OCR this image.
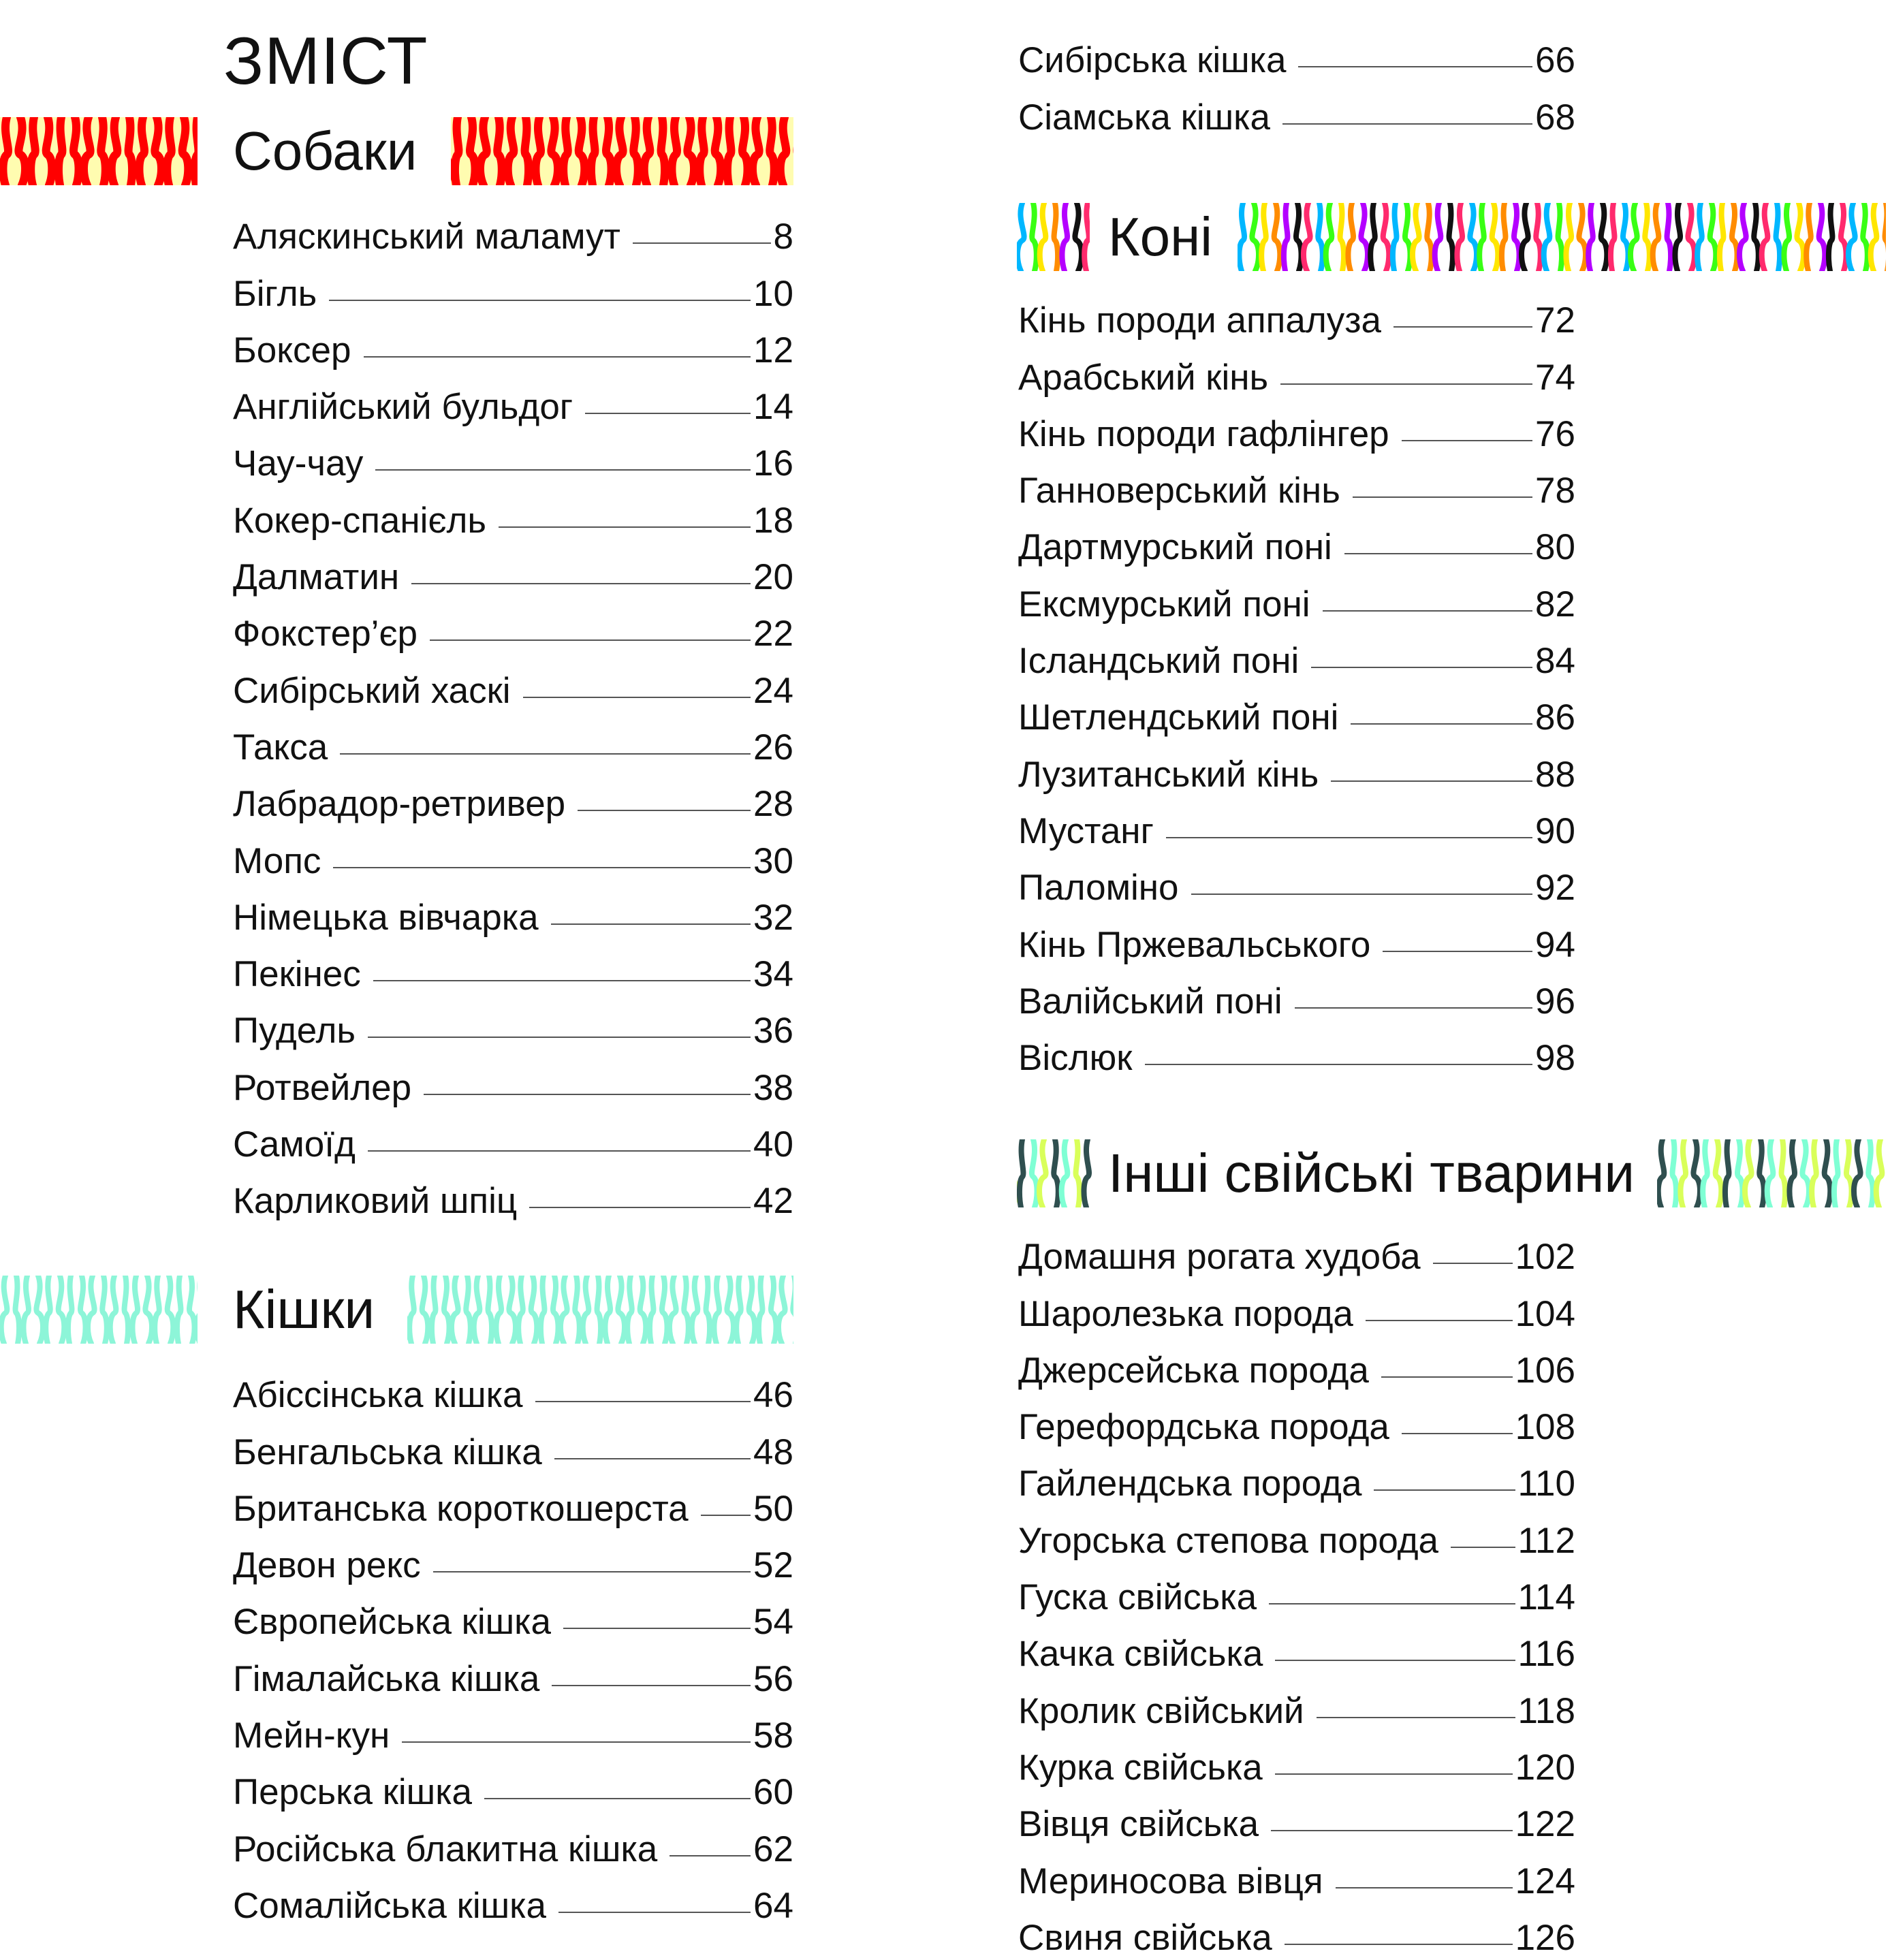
ЗМІСТ
Собаки
Аляскинський маламут	8
Бігль	10
Боксер	12
Англійський бульдог	14
Чау-чау	16
Кокер-спанієль	18
Далматин	20
Фокстер’єр	22
Сибірський хаскі	24
Такса	26
Лабрадор-ретривер	28
Мопс	30
Німецька вівчарка	32
Пекінес	34
Пудель	36
Ротвейлер	38
Самоїд	40
Карликовий шпіц	42
Кішки
Абіссінська кішка	46
Бенгальська кішка	48
Британська короткошерста 50
Девон рекс	52
Європейська кішка	54
Гімалайська кішка	56
Мейн-кун	58
Перська кішка	60
Російська блакитна кішка	62
Сомалійська кішка	64
Сибірська кішка	66
Сіамська кішка	68
Коні
Кінь породи аппалуза	72
Арабський кінь	74
Кінь породи гафлінгер	76
Ганноверський кінь	78
Дартмурський поні	80
Ексмурський поні	82
Ісландський поні	84
Шетлендський поні	86
Лузитанський кінь	88
Мустанг	90
Паломіно	92
Кінь Пржевальського	94
Валійський поні	96
Віслюк	98
Інші свійські тварини
Домашня рогата худоба	102
Шаролезька порода	104
Джерсейська порода	106
Герефордська порода	108
Гайлендська порода	110
Угорська степова порода 112
Гуска свійська	114
Качка свійська	116
Кролик свійський	118
Курка свійська	120
Вівця свійська	122
Мериносова вівця	124
Свиня свійська	126
